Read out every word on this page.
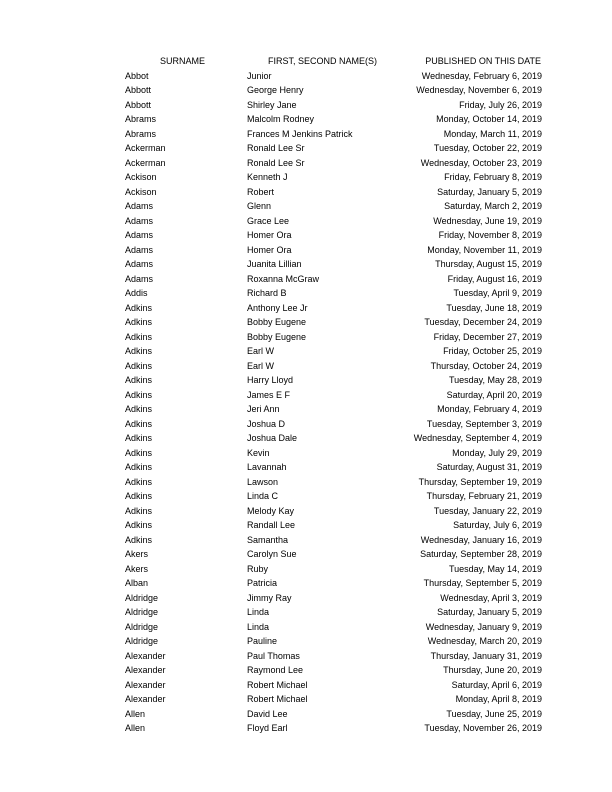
SURNAME	FIRST, SECOND NAME(S)	PUBLISHED ON THIS DATE
Abbot	Junior	Wednesday, February 6, 2019
Abbott	George Henry	Wednesday, November 6, 2019
Abbott	Shirley Jane	Friday, July 26, 2019
Abrams	Malcolm Rodney	Monday, October 14, 2019
Abrams	Frances M Jenkins Patrick	Monday, March 11, 2019
Ackerman	Ronald Lee Sr	Tuesday, October 22, 2019
Ackerman	Ronald Lee Sr	Wednesday, October 23, 2019
Ackison	Kenneth J	Friday, February 8, 2019
Ackison	Robert	Saturday, January 5, 2019
Adams	Glenn	Saturday, March 2, 2019
Adams	Grace Lee	Wednesday, June 19, 2019
Adams	Homer Ora	Friday, November 8, 2019
Adams	Homer Ora	Monday, November 11, 2019
Adams	Juanita Lillian	Thursday, August 15, 2019
Adams	Roxanna McGraw	Friday, August 16, 2019
Addis	Richard B	Tuesday, April 9, 2019
Adkins	Anthony Lee Jr	Tuesday, June 18, 2019
Adkins	Bobby Eugene	Tuesday, December 24, 2019
Adkins	Bobby Eugene	Friday, December 27, 2019
Adkins	Earl W	Friday, October 25, 2019
Adkins	Earl W	Thursday, October 24, 2019
Adkins	Harry Lloyd	Tuesday, May 28, 2019
Adkins	James E F	Saturday, April 20, 2019
Adkins	Jeri Ann	Monday, February 4, 2019
Adkins	Joshua D	Tuesday, September 3, 2019
Adkins	Joshua Dale	Wednesday, September 4, 2019
Adkins	Kevin	Monday, July 29, 2019
Adkins	Lavannah	Saturday, August 31, 2019
Adkins	Lawson	Thursday, September 19, 2019
Adkins	Linda C	Thursday, February 21, 2019
Adkins	Melody Kay	Tuesday, January 22, 2019
Adkins	Randall Lee	Saturday, July 6, 2019
Adkins	Samantha	Wednesday, January 16, 2019
Akers	Carolyn Sue	Saturday, September 28, 2019
Akers	Ruby	Tuesday, May 14, 2019
Alban	Patricia	Thursday, September 5, 2019
Aldridge	Jimmy Ray	Wednesday, April 3, 2019
Aldridge	Linda	Saturday, January 5, 2019
Aldridge	Linda	Wednesday, January 9, 2019
Aldridge	Pauline	Wednesday, March 20, 2019
Alexander	Paul Thomas	Thursday, January 31, 2019
Alexander	Raymond Lee	Thursday, June 20, 2019
Alexander	Robert Michael	Saturday, April 6, 2019
Alexander	Robert Michael	Monday, April 8, 2019
Allen	David Lee	Tuesday, June 25, 2019
Allen	Floyd Earl	Tuesday, November 26, 2019
